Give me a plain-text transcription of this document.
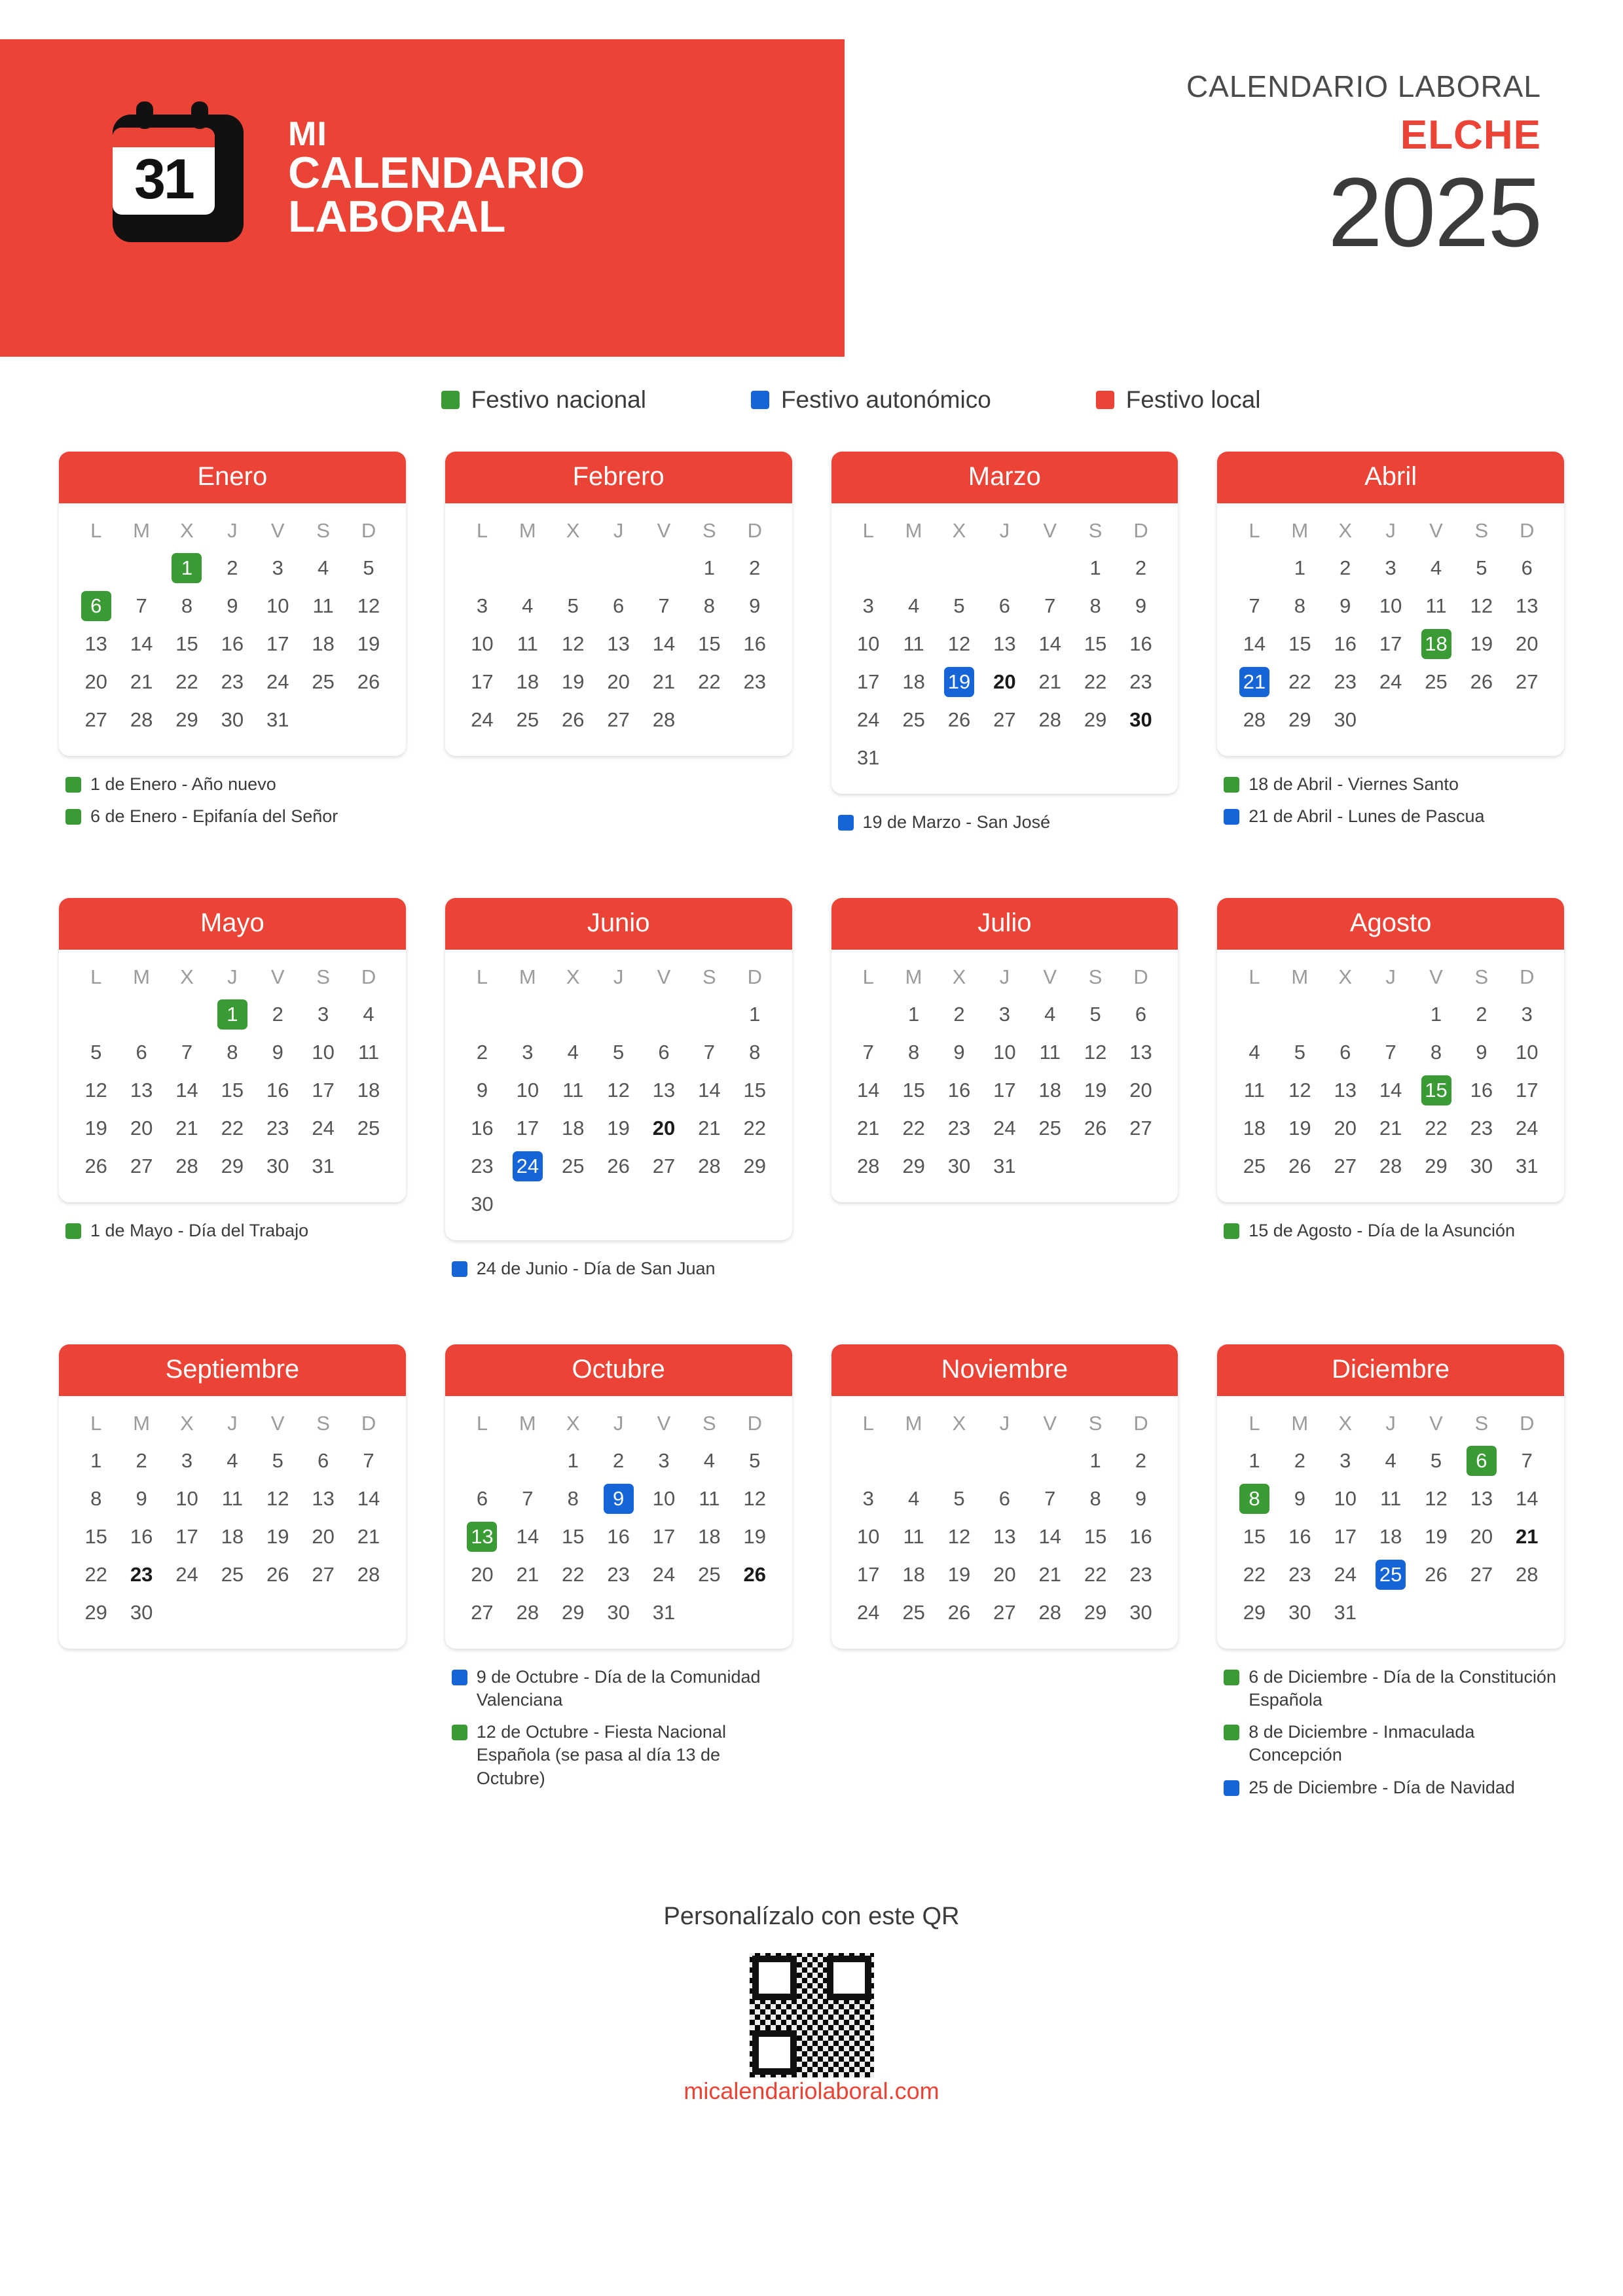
31
MI
CALENDARIO
LABORAL
CALENDARIO LABORAL
ELCHE
2025
Festivo nacional	Festivo autonómico	Festivo local
Enero
L	M	X	J	V	S	D
		1	2	3	4	5
6	7	8	9	10	11	12
13	14	15	16	17	18	19
20	21	22	23	24	25	26
27	28	29	30	31		
1 de Enero - Año nuevo
6 de Enero - Epifanía del Señor
Febrero
L	M	X	J	V	S	D
					1	2
3	4	5	6	7	8	9
10	11	12	13	14	15	16
17	18	19	20	21	22	23
24	25	26	27	28		
Marzo
L	M	X	J	V	S	D
					1	2
3	4	5	6	7	8	9
10	11	12	13	14	15	16
17	18	19	20	21	22	23
24	25	26	27	28	29	30
31						
19 de Marzo - San José
Abril
L	M	X	J	V	S	D
	1	2	3	4	5	6
7	8	9	10	11	12	13
14	15	16	17	18	19	20
21	22	23	24	25	26	27
28	29	30				
18 de Abril - Viernes Santo
21 de Abril - Lunes de Pascua
Mayo
L	M	X	J	V	S	D
			1	2	3	4
5	6	7	8	9	10	11
12	13	14	15	16	17	18
19	20	21	22	23	24	25
26	27	28	29	30	31	
1 de Mayo - Día del Trabajo
Junio
L	M	X	J	V	S	D
						1
2	3	4	5	6	7	8
9	10	11	12	13	14	15
16	17	18	19	20	21	22
23	24	25	26	27	28	29
30						
24 de Junio - Día de San Juan
Julio
L	M	X	J	V	S	D
	1	2	3	4	5	6
7	8	9	10	11	12	13
14	15	16	17	18	19	20
21	22	23	24	25	26	27
28	29	30	31			
Agosto
L	M	X	J	V	S	D
				1	2	3
4	5	6	7	8	9	10
11	12	13	14	15	16	17
18	19	20	21	22	23	24
25	26	27	28	29	30	31
15 de Agosto - Día de la Asunción
Septiembre
L	M	X	J	V	S	D
1	2	3	4	5	6	7
8	9	10	11	12	13	14
15	16	17	18	19	20	21
22	23	24	25	26	27	28
29	30					
Octubre
L	M	X	J	V	S	D
		1	2	3	4	5
6	7	8	9	10	11	12
13	14	15	16	17	18	19
20	21	22	23	24	25	26
27	28	29	30	31		
9 de Octubre - Día de la Comunidad Valenciana
12 de Octubre - Fiesta Nacional Española (se pasa al día 13 de Octubre)
Noviembre
L	M	X	J	V	S	D
					1	2
3	4	5	6	7	8	9
10	11	12	13	14	15	16
17	18	19	20	21	22	23
24	25	26	27	28	29	30
Diciembre
L	M	X	J	V	S	D
1	2	3	4	5	6	7
8	9	10	11	12	13	14
15	16	17	18	19	20	21
22	23	24	25	26	27	28
29	30	31				
6 de Diciembre - Día de la Constitución Española
8 de Diciembre - Inmaculada Concepción
25 de Diciembre - Día de Navidad
Personalízalo con este QR
micalendariolaboral.com
